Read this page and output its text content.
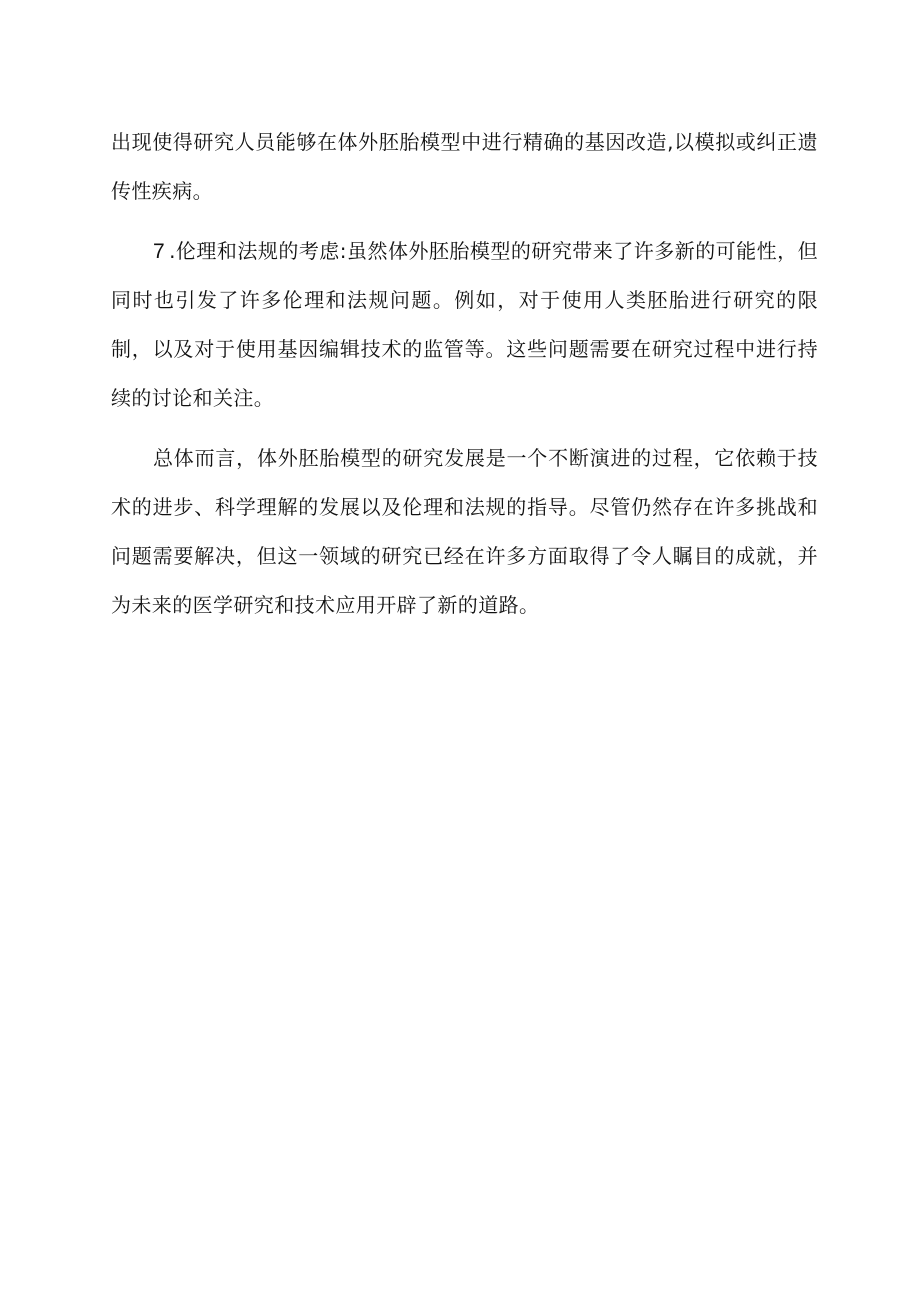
出现使得研究人员能够在体外胚胎模型中进行精确的基因改造,以模拟或纠正遗传性疾病。

7 .伦理和法规的考虑:虽然体外胚胎模型的研究带来了许多新的可能性，但同时也引发了许多伦理和法规问题。例如，对于使用人类胚胎进行研究的限制，以及对于使用基因编辑技术的监管等。这些问题需要在研究过程中进行持续的讨论和关注。

总体而言，体外胚胎模型的研究发展是一个不断演进的过程，它依赖于技术的进步、科学理解的发展以及伦理和法规的指导。尽管仍然存在许多挑战和问题需要解决，但这一领域的研究已经在许多方面取得了令人瞩目的成就，并为未来的医学研究和技术应用开辟了新的道路。
